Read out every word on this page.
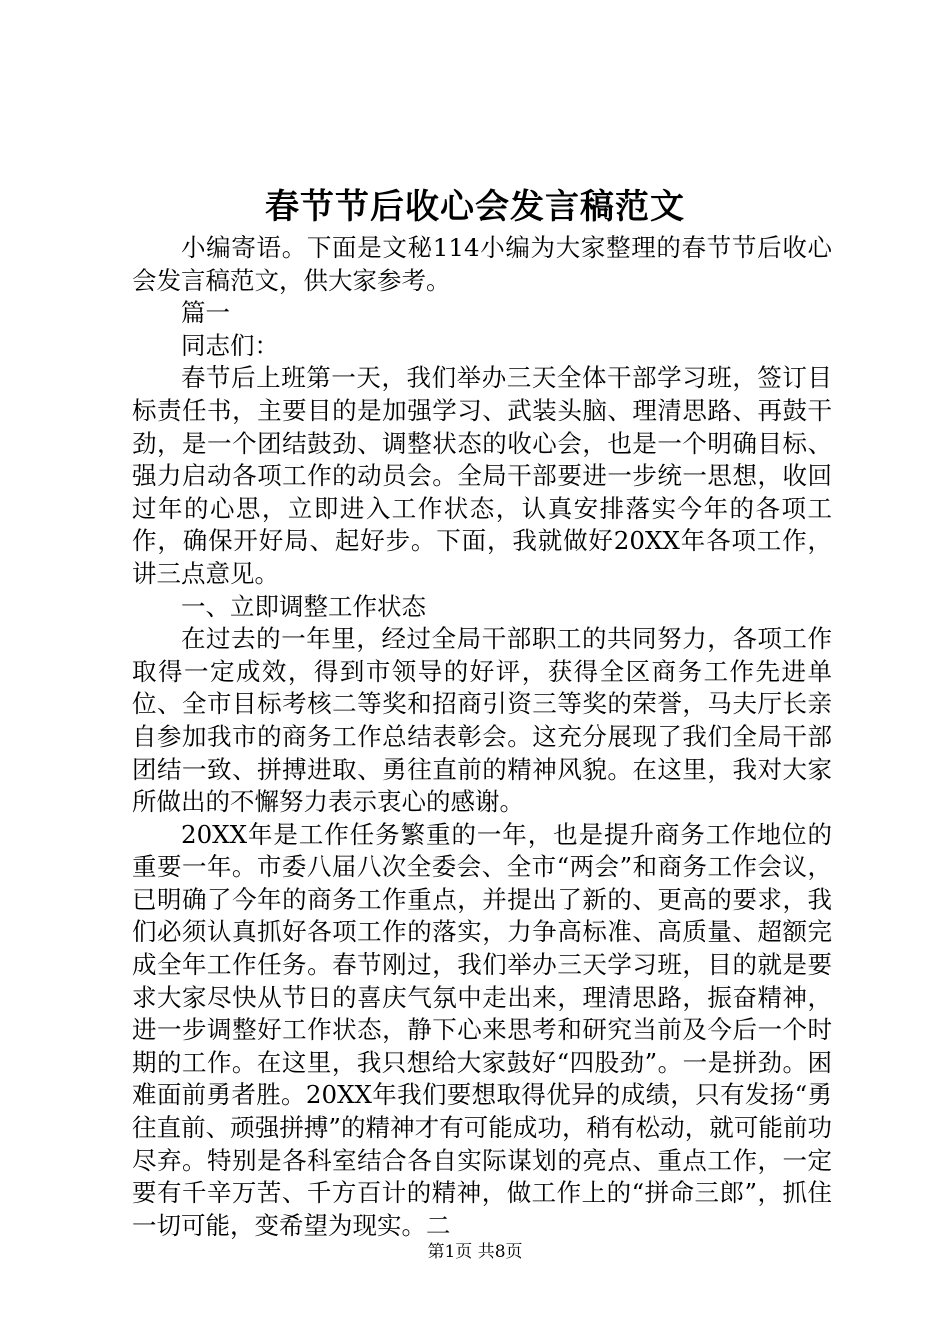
春节节后收心会发言稿范文

小编寄语。下面是文秘114小编为大家整理的春节节后收心会发言稿范文，供大家参考。

篇一

同志们：

春节后上班第一天，我们举办三天全体干部学习班，签订目标责任书，主要目的是加强学习、武装头脑、理清思路、再鼓干劲，是一个团结鼓劲、调整状态的收心会，也是一个明确目标、强力启动各项工作的动员会。全局干部要进一步统一思想，收回过年的心思，立即进入工作状态，认真安排落实今年的各项工作，确保开好局、起好步。下面，我就做好20XX年各项工作，讲三点意见。

一、立即调整工作状态

在过去的一年里，经过全局干部职工的共同努力，各项工作取得一定成效，得到市领导的好评，获得全区商务工作先进单位、全市目标考核二等奖和招商引资三等奖的荣誉，马夫厅长亲自参加我市的商务工作总结表彰会。这充分展现了我们全局干部团结一致、拼搏进取、勇往直前的精神风貌。在这里，我对大家所做出的不懈努力表示衷心的感谢。

20XX年是工作任务繁重的一年，也是提升商务工作地位的重要一年。市委八届八次全委会、全市“两会”和商务工作会议，已明确了今年的商务工作重点，并提出了新的、更高的要求，我们必须认真抓好各项工作的落实，力争高标准、高质量、超额完成全年工作任务。春节刚过，我们举办三天学习班，目的就是要求大家尽快从节日的喜庆气氛中走出来，理清思路，振奋精神，进一步调整好工作状态，静下心来思考和研究当前及今后一个时期的工作。在这里，我只想给大家鼓好“四股劲”。一是拼劲。困难面前勇者胜。20XX年我们要想取得优异的成绩，只有发扬“勇往直前、顽强拼搏”的精神才有可能成功，稍有松动，就可能前功尽弃。特别是各科室结合各自实际谋划的亮点、重点工作，一定要有千辛万苦、千方百计的精神，做工作上的“拼命三郎”，抓住一切可能，变希望为现实。二

第1页 共8页
